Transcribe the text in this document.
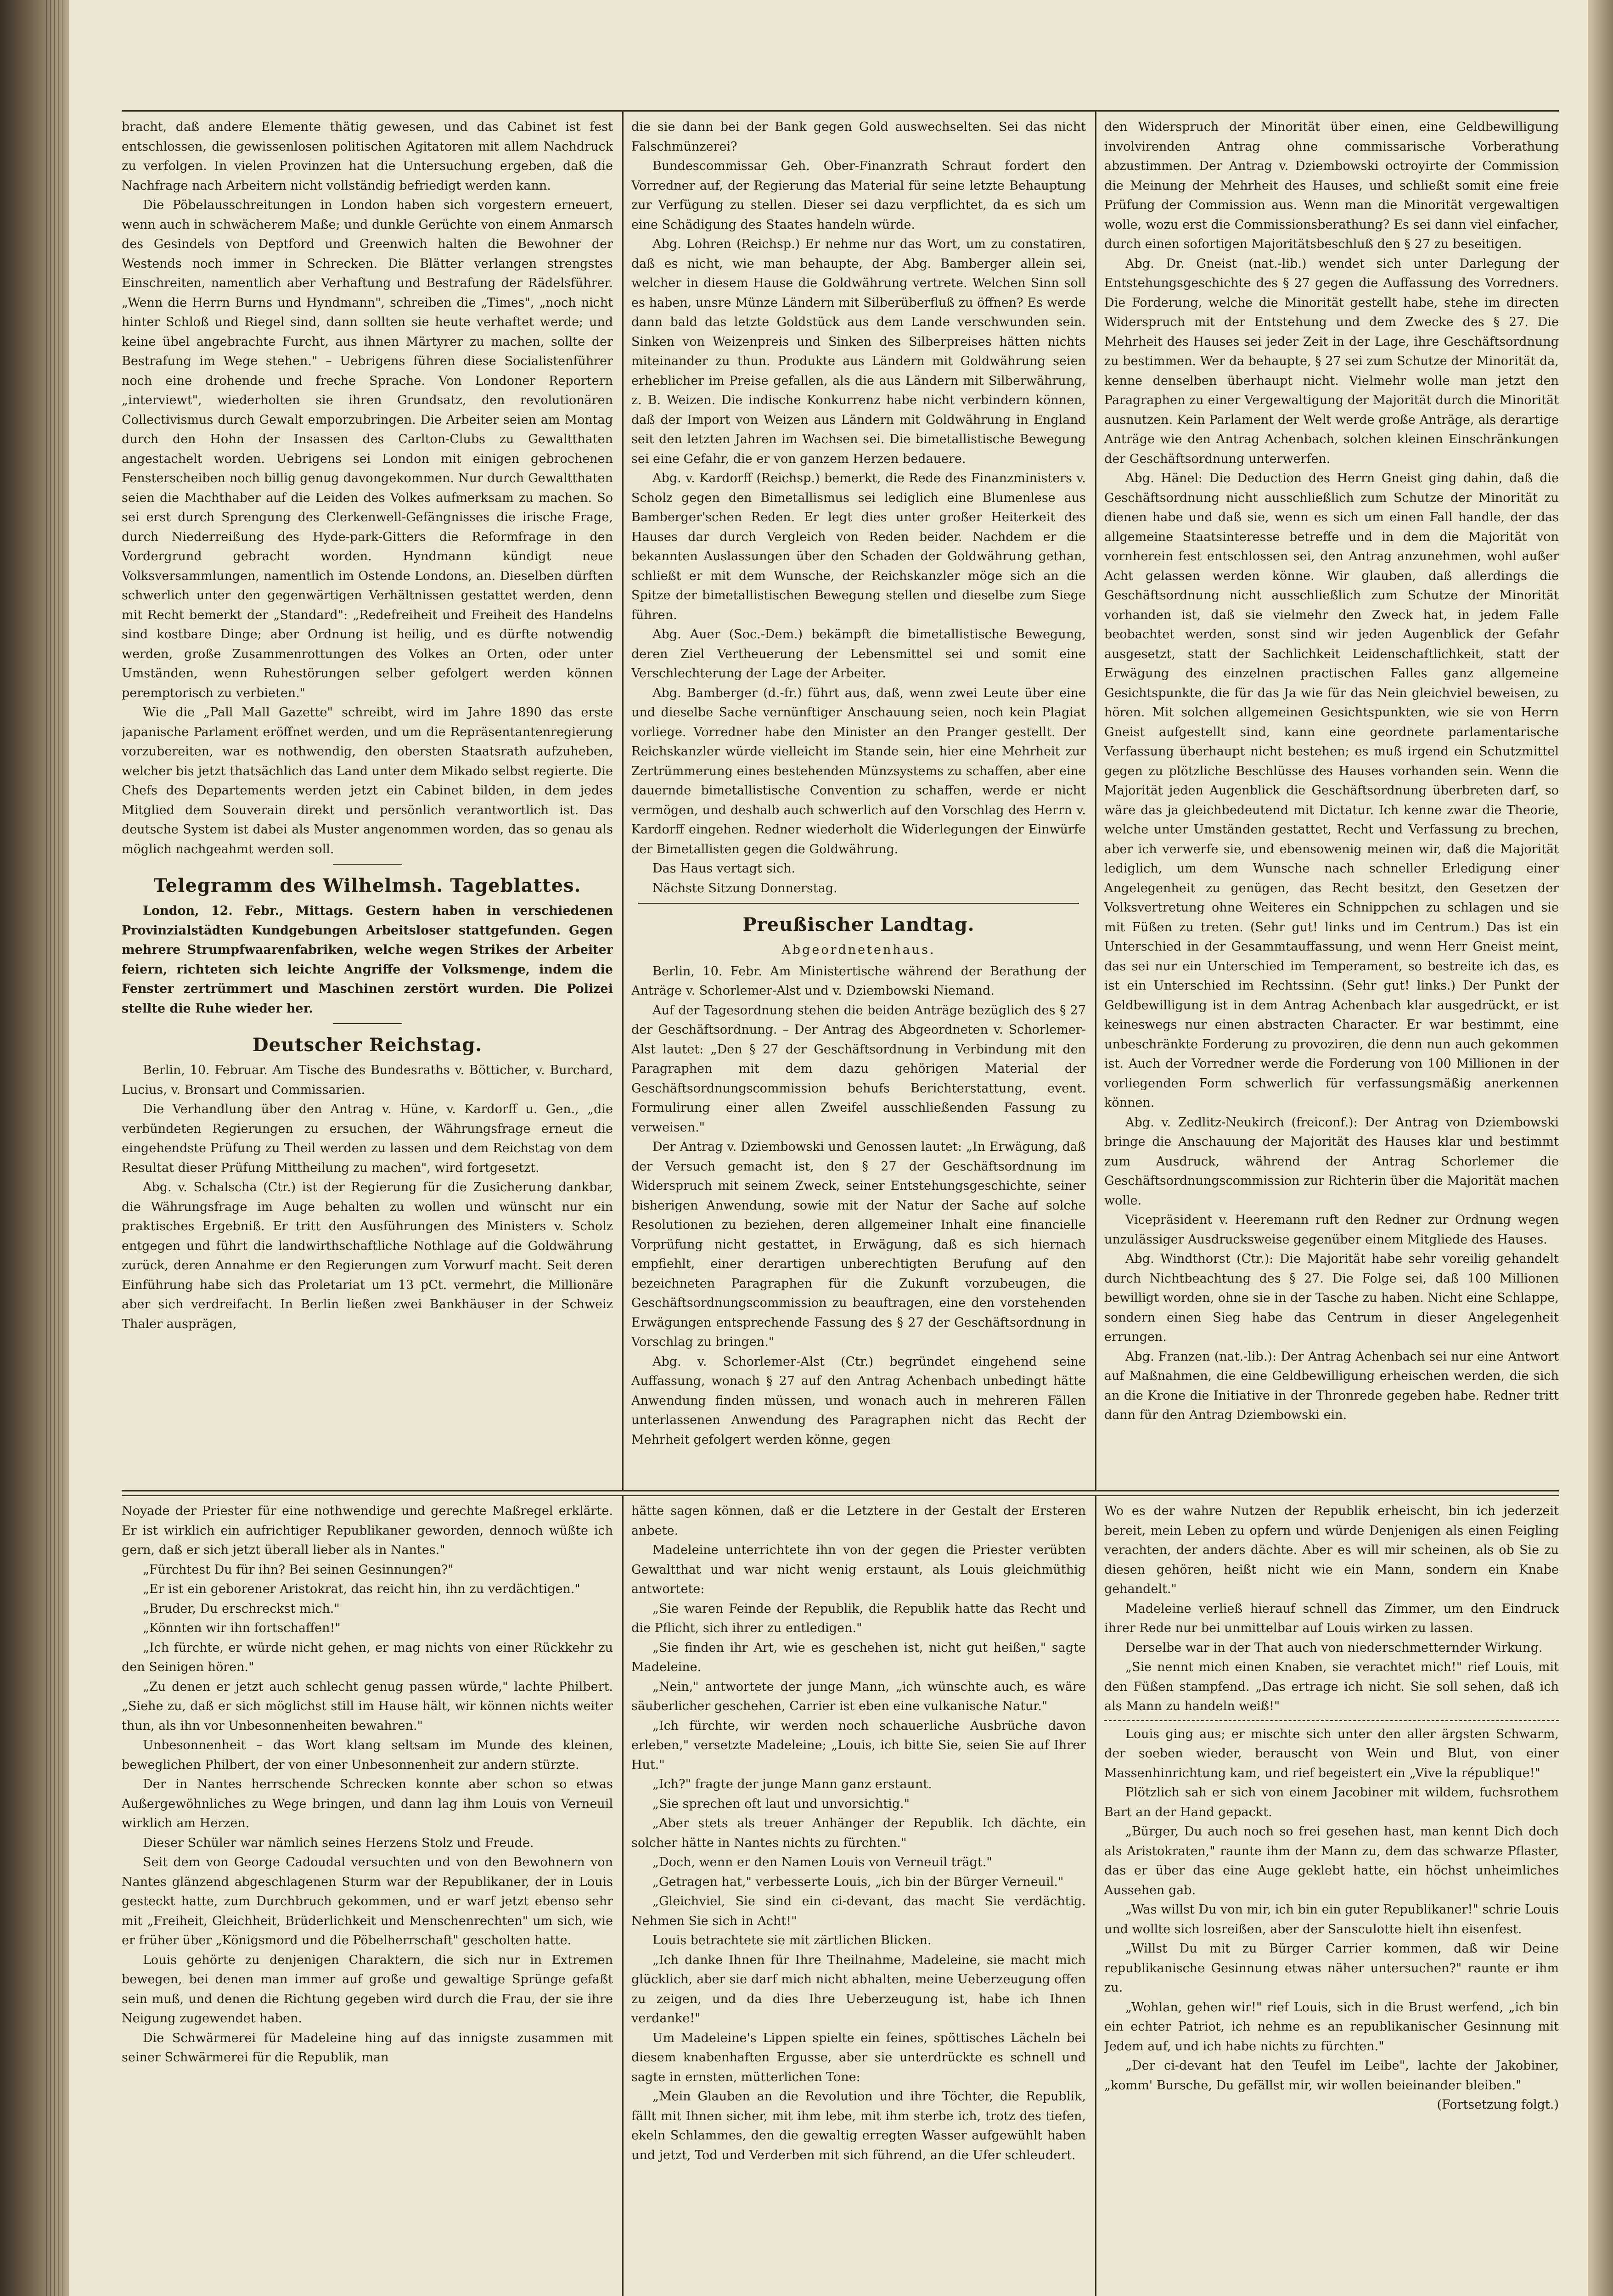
bracht, daß andere Elemente thätig gewesen, und das Cabinet ist fest entschlossen, die gewissenlosen politischen Agitatoren mit allem Nachdruck zu verfolgen. In vielen Provinzen hat die Untersuchung ergeben, daß die Nachfrage nach Arbeitern nicht vollständig befriedigt werden kann.

Die Pöbelausschreitungen in London haben sich vorgestern erneuert, wenn auch in schwächerem Maße; und dunkle Gerüchte von einem Anmarsch des Gesindels von Deptford und Greenwich halten die Bewohner der Westends noch immer in Schrecken. Die Blätter verlangen strengstes Einschreiten, namentlich aber Verhaftung und Bestrafung der Rädelsführer. „Wenn die Herrn Burns und Hyndmann", schreiben die „Times", „noch nicht hinter Schloß und Riegel sind, dann sollten sie heute verhaftet werde; und keine übel angebrachte Furcht, aus ihnen Märtyrer zu machen, sollte der Bestrafung im Wege stehen." – Uebrigens führen diese Socialistenführer noch eine drohende und freche Sprache. Von Londoner Reportern „interviewt", wiederholten sie ihren Grundsatz, den revolutionären Collectivismus durch Gewalt emporzubringen. Die Arbeiter seien am Montag durch den Hohn der Insassen des Carlton-Clubs zu Gewaltthaten angestachelt worden. Uebrigens sei London mit einigen gebrochenen Fensterscheiben noch billig genug davongekommen. Nur durch Gewaltthaten seien die Machthaber auf die Leiden des Volkes aufmerksam zu machen. So sei erst durch Sprengung des Clerkenwell-Gefängnisses die irische Frage, durch Niederreißung des Hyde-park-Gitters die Reformfrage in den Vordergrund gebracht worden. Hyndmann kündigt neue Volksversammlungen, namentlich im Ostende Londons, an. Dieselben dürften schwerlich unter den gegenwärtigen Verhältnissen gestattet werden, denn mit Recht bemerkt der „Standard": „Redefreiheit und Freiheit des Handelns sind kostbare Dinge; aber Ordnung ist heilig, und es dürfte notwendig werden, große Zusammenrottungen des Volkes an Orten, oder unter Umständen, wenn Ruhestörungen selber gefolgert werden können peremptorisch zu verbieten."

Wie die „Pall Mall Gazette" schreibt, wird im Jahre 1890 das erste japanische Parlament eröffnet werden, und um die Repräsentantenregierung vorzubereiten, war es nothwendig, den obersten Staatsrath aufzuheben, welcher bis jetzt thatsächlich das Land unter dem Mikado selbst regierte. Die Chefs des Departements werden jetzt ein Cabinet bilden, in dem jedes Mitglied dem Souverain direkt und persönlich verantwortlich ist. Das deutsche System ist dabei als Muster angenommen worden, das so genau als möglich nachgeahmt werden soll.

Telegramm des Wilhelmsh. Tageblattes.

London, 12. Febr., Mittags. Gestern haben in verschiedenen Provinzialstädten Kundgebungen Arbeitsloser stattgefunden. Gegen mehrere Strumpfwaarenfabriken, welche wegen Strikes der Arbeiter feiern, richteten sich leichte Angriffe der Volksmenge, indem die Fenster zertrümmert und Maschinen zerstört wurden. Die Polizei stellte die Ruhe wieder her.

Deutscher Reichstag.

Berlin, 10. Februar. Am Tische des Bundesraths v. Bötticher, v. Burchard, Lucius, v. Bronsart und Commissarien.

Die Verhandlung über den Antrag v. Hüne, v. Kardorff u. Gen., „die verbündeten Regierungen zu ersuchen, der Währungsfrage erneut die eingehendste Prüfung zu Theil werden zu lassen und dem Reichstag von dem Resultat dieser Prüfung Mittheilung zu machen", wird fortgesetzt.

Abg. v. Schalscha (Ctr.) ist der Regierung für die Zusicherung dankbar, die Währungsfrage im Auge behalten zu wollen und wünscht nur ein praktisches Ergebniß. Er tritt den Ausführungen des Ministers v. Scholz entgegen und führt die landwirthschaftliche Nothlage auf die Goldwährung zurück, deren Annahme er den Regierungen zum Vorwurf macht. Seit deren Einführung habe sich das Proletariat um 13 pCt. vermehrt, die Millionäre aber sich verdreifacht. In Berlin ließen zwei Bankhäuser in der Schweiz Thaler ausprägen,

die sie dann bei der Bank gegen Gold auswechselten. Sei das nicht Falschmünzerei?

Bundescommissar Geh. Ober-Finanzrath Schraut fordert den Vorredner auf, der Regierung das Material für seine letzte Behauptung zur Verfügung zu stellen. Dieser sei dazu verpflichtet, da es sich um eine Schädigung des Staates handeln würde.

Abg. Lohren (Reichsp.) Er nehme nur das Wort, um zu constatiren, daß es nicht, wie man behaupte, der Abg. Bamberger allein sei, welcher in diesem Hause die Goldwährung vertrete. Welchen Sinn soll es haben, unsre Münze Ländern mit Silberüberfluß zu öffnen? Es werde dann bald das letzte Goldstück aus dem Lande verschwunden sein. Sinken von Weizenpreis und Sinken des Silberpreises hätten nichts miteinander zu thun. Produkte aus Ländern mit Goldwährung seien erheblicher im Preise gefallen, als die aus Ländern mit Silberwährung, z. B. Weizen. Die indische Konkurrenz habe nicht verbindern können, daß der Import von Weizen aus Ländern mit Goldwährung in England seit den letzten Jahren im Wachsen sei. Die bimetallistische Bewegung sei eine Gefahr, die er von ganzem Herzen bedauere.

Abg. v. Kardorff (Reichsp.) bemerkt, die Rede des Finanzministers v. Scholz gegen den Bimetallismus sei lediglich eine Blumenlese aus Bamberger'schen Reden. Er legt dies unter großer Heiterkeit des Hauses dar durch Vergleich von Reden beider. Nachdem er die bekannten Auslassungen über den Schaden der Goldwährung gethan, schließt er mit dem Wunsche, der Reichskanzler möge sich an die Spitze der bimetallistischen Bewegung stellen und dieselbe zum Siege führen.

Abg. Auer (Soc.-Dem.) bekämpft die bimetallistische Bewegung, deren Ziel Vertheuerung der Lebensmittel sei und somit eine Verschlechterung der Lage der Arbeiter.

Abg. Bamberger (d.-fr.) führt aus, daß, wenn zwei Leute über eine und dieselbe Sache vernünftiger Anschauung seien, noch kein Plagiat vorliege. Vorredner habe den Minister an den Pranger gestellt. Der Reichskanzler würde vielleicht im Stande sein, hier eine Mehrheit zur Zertrümmerung eines bestehenden Münzsystems zu schaffen, aber eine dauernde bimetallistische Convention zu schaffen, werde er nicht vermögen, und deshalb auch schwerlich auf den Vorschlag des Herrn v. Kardorff eingehen. Redner wiederholt die Widerlegungen der Einwürfe der Bimetallisten gegen die Goldwährung.

Das Haus vertagt sich.

Nächste Sitzung Donnerstag.

Preußischer Landtag.
Abgeordnetenhaus.

Berlin, 10. Febr. Am Ministertische während der Berathung der Anträge v. Schorlemer-Alst und v. Dziembowski Niemand.

Auf der Tagesordnung stehen die beiden Anträge bezüglich des § 27 der Geschäftsordnung. – Der Antrag des Abgeordneten v. Schorlemer-Alst lautet: „Den § 27 der Geschäftsordnung in Verbindung mit den Paragraphen mit dem dazu gehörigen Material der Geschäftsordnungscommission behufs Berichterstattung, event. Formulirung einer allen Zweifel ausschließenden Fassung zu verweisen."

Der Antrag v. Dziembowski und Genossen lautet: „In Erwägung, daß der Versuch gemacht ist, den § 27 der Geschäftsordnung im Widerspruch mit seinem Zweck, seiner Entstehungsgeschichte, seiner bisherigen Anwendung, sowie mit der Natur der Sache auf solche Resolutionen zu beziehen, deren allgemeiner Inhalt eine financielle Vorprüfung nicht gestattet, in Erwägung, daß es sich hiernach empfiehlt, einer derartigen unberechtigten Berufung auf den bezeichneten Paragraphen für die Zukunft vorzubeugen, die Geschäftsordnungscommission zu beauftragen, eine den vorstehenden Erwägungen entsprechende Fassung des § 27 der Geschäftsordnung in Vorschlag zu bringen."

Abg. v. Schorlemer-Alst (Ctr.) begründet eingehend seine Auffassung, wonach § 27 auf den Antrag Achenbach unbedingt hätte Anwendung finden müssen, und wonach auch in mehreren Fällen unterlassenen Anwendung des Paragraphen nicht das Recht der Mehrheit gefolgert werden könne, gegen

den Widerspruch der Minorität über einen, eine Geldbewilligung involvirenden Antrag ohne commissarische Vorberathung abzustimmen. Der Antrag v. Dziembowski octroyirte der Commission die Meinung der Mehrheit des Hauses, und schließt somit eine freie Prüfung der Commission aus. Wenn man die Minorität vergewaltigen wolle, wozu erst die Commissionsberathung? Es sei dann viel einfacher, durch einen sofortigen Majoritätsbeschluß den § 27 zu beseitigen.

Abg. Dr. Gneist (nat.-lib.) wendet sich unter Darlegung der Entstehungsgeschichte des § 27 gegen die Auffassung des Vorredners. Die Forderung, welche die Minorität gestellt habe, stehe im directen Widerspruch mit der Entstehung und dem Zwecke des § 27. Die Mehrheit des Hauses sei jeder Zeit in der Lage, ihre Geschäftsordnung zu bestimmen. Wer da behaupte, § 27 sei zum Schutze der Minorität da, kenne denselben überhaupt nicht. Vielmehr wolle man jetzt den Paragraphen zu einer Vergewaltigung der Majorität durch die Minorität ausnutzen. Kein Parlament der Welt werde große Anträge, als derartige Anträge wie den Antrag Achenbach, solchen kleinen Einschränkungen der Geschäftsordnung unterwerfen.

Abg. Hänel: Die Deduction des Herrn Gneist ging dahin, daß die Geschäftsordnung nicht ausschließlich zum Schutze der Minorität zu dienen habe und daß sie, wenn es sich um einen Fall handle, der das allgemeine Staatsinteresse betreffe und in dem die Majorität von vornherein fest entschlossen sei, den Antrag anzunehmen, wohl außer Acht gelassen werden könne. Wir glauben, daß allerdings die Geschäftsordnung nicht ausschließlich zum Schutze der Minorität vorhanden ist, daß sie vielmehr den Zweck hat, in jedem Falle beobachtet werden, sonst sind wir jeden Augenblick der Gefahr ausgesetzt, statt der Sachlichkeit Leidenschaftlichkeit, statt der Erwägung des einzelnen practischen Falles ganz allgemeine Gesichtspunkte, die für das Ja wie für das Nein gleichviel beweisen, zu hören. Mit solchen allgemeinen Gesichtspunkten, wie sie von Herrn Gneist aufgestellt sind, kann eine geordnete parlamentarische Verfassung überhaupt nicht bestehen; es muß irgend ein Schutzmittel gegen zu plötzliche Beschlüsse des Hauses vorhanden sein. Wenn die Majorität jeden Augenblick die Geschäftsordnung überbreten darf, so wäre das ja gleichbedeutend mit Dictatur. Ich kenne zwar die Theorie, welche unter Umständen gestattet, Recht und Verfassung zu brechen, aber ich verwerfe sie, und ebensowenig meinen wir, daß die Majorität lediglich, um dem Wunsche nach schneller Erledigung einer Angelegenheit zu genügen, das Recht besitzt, den Gesetzen der Volksvertretung ohne Weiteres ein Schnippchen zu schlagen und sie mit Füßen zu treten. (Sehr gut! links und im Centrum.) Das ist ein Unterschied in der Gesammtauffassung, und wenn Herr Gneist meint, das sei nur ein Unterschied im Temperament, so bestreite ich das, es ist ein Unterschied im Rechtssinn. (Sehr gut! links.) Der Punkt der Geldbewilligung ist in dem Antrag Achenbach klar ausgedrückt, er ist keineswegs nur einen abstracten Character. Er war bestimmt, eine unbeschränkte Forderung zu provoziren, die denn nun auch gekommen ist. Auch der Vorredner werde die Forderung von 100 Millionen in der vorliegenden Form schwerlich für verfassungsmäßig anerkennen können.

Abg. v. Zedlitz-Neukirch (freiconf.): Der Antrag von Dziembowski bringe die Anschauung der Majorität des Hauses klar und bestimmt zum Ausdruck, während der Antrag Schorlemer die Geschäftsordnungscommission zur Richterin über die Majorität machen wolle.

Vicepräsident v. Heeremann ruft den Redner zur Ordnung wegen unzulässiger Ausdrucksweise gegenüber einem Mitgliede des Hauses.

Abg. Windthorst (Ctr.): Die Majorität habe sehr voreilig gehandelt durch Nichtbeachtung des § 27. Die Folge sei, daß 100 Millionen bewilligt worden, ohne sie in der Tasche zu haben. Nicht eine Schlappe, sondern einen Sieg habe das Centrum in dieser Angelegenheit errungen.

Abg. Franzen (nat.-lib.): Der Antrag Achenbach sei nur eine Antwort auf Maßnahmen, die eine Geldbewilligung erheischen werden, die sich an die Krone die Initiative in der Thronrede gegeben habe. Redner tritt dann für den Antrag Dziembowski ein.

Noyade der Priester für eine nothwendige und gerechte Maßregel erklärte. Er ist wirklich ein aufrichtiger Republikaner geworden, dennoch wüßte ich gern, daß er sich jetzt überall lieber als in Nantes."

„Fürchtest Du für ihn? Bei seinen Gesinnungen?"

„Er ist ein geborener Aristokrat, das reicht hin, ihn zu verdächtigen."

„Bruder, Du erschreckst mich."

„Könnten wir ihn fortschaffen!"

„Ich fürchte, er würde nicht gehen, er mag nichts von einer Rückkehr zu den Seinigen hören."

„Zu denen er jetzt auch schlecht genug passen würde," lachte Philbert. „Siehe zu, daß er sich möglichst still im Hause hält, wir können nichts weiter thun, als ihn vor Unbesonnenheiten bewahren."

Unbesonnenheit – das Wort klang seltsam im Munde des kleinen, beweglichen Philbert, der von einer Unbesonnenheit zur andern stürzte.

Der in Nantes herrschende Schrecken konnte aber schon so etwas Außergewöhnliches zu Wege bringen, und dann lag ihm Louis von Verneuil wirklich am Herzen.

Dieser Schüler war nämlich seines Herzens Stolz und Freude.

Seit dem von George Cadoudal versuchten und von den Bewohnern von Nantes glänzend abgeschlagenen Sturm war der Republikaner, der in Louis gesteckt hatte, zum Durchbruch gekommen, und er warf jetzt ebenso sehr mit „Freiheit, Gleichheit, Brüderlichkeit und Menschenrechten" um sich, wie er früher über „Königsmord und die Pöbelherrschaft" gescholten hatte.

Louis gehörte zu denjenigen Charaktern, die sich nur in Extremen bewegen, bei denen man immer auf große und gewaltige Sprünge gefaßt sein muß, und denen die Richtung gegeben wird durch die Frau, der sie ihre Neigung zugewendet haben.

Die Schwärmerei für Madeleine hing auf das innigste zusammen mit seiner Schwärmerei für die Republik, man

hätte sagen können, daß er die Letztere in der Gestalt der Ersteren anbete.

Madeleine unterrichtete ihn von der gegen die Priester verübten Gewaltthat und war nicht wenig erstaunt, als Louis gleichmüthig antwortete:

„Sie waren Feinde der Republik, die Republik hatte das Recht und die Pflicht, sich ihrer zu entledigen."

„Sie finden ihr Art, wie es geschehen ist, nicht gut heißen," sagte Madeleine.

„Nein," antwortete der junge Mann, „ich wünschte auch, es wäre säuberlicher geschehen, Carrier ist eben eine vulkanische Natur."

„Ich fürchte, wir werden noch schauerliche Ausbrüche davon erleben," versetzte Madeleine; „Louis, ich bitte Sie, seien Sie auf Ihrer Hut."

„Ich?" fragte der junge Mann ganz erstaunt.

„Sie sprechen oft laut und unvorsichtig."

„Aber stets als treuer Anhänger der Republik. Ich dächte, ein solcher hätte in Nantes nichts zu fürchten."

„Doch, wenn er den Namen Louis von Verneuil trägt."

„Getragen hat," verbesserte Louis, „ich bin der Bürger Verneuil."

„Gleichviel, Sie sind ein ci-devant, das macht Sie verdächtig. Nehmen Sie sich in Acht!"

Louis betrachtete sie mit zärtlichen Blicken.

„Ich danke Ihnen für Ihre Theilnahme, Madeleine, sie macht mich glücklich, aber sie darf mich nicht abhalten, meine Ueberzeugung offen zu zeigen, und da dies Ihre Ueberzeugung ist, habe ich Ihnen verdanke!"

Um Madeleine's Lippen spielte ein feines, spöttisches Lächeln bei diesem knabenhaften Ergusse, aber sie unterdrückte es schnell und sagte in ernsten, mütterlichen Tone:

„Mein Glauben an die Revolution und ihre Töchter, die Republik, fällt mit Ihnen sicher, mit ihm lebe, mit ihm sterbe ich, trotz des tiefen, ekeln Schlammes, den die gewaltig erregten Wasser aufgewühlt haben und jetzt, Tod und Verderben mit sich führend, an die Ufer schleudert.

Wo es der wahre Nutzen der Republik erheischt, bin ich jederzeit bereit, mein Leben zu opfern und würde Denjenigen als einen Feigling verachten, der anders dächte. Aber es will mir scheinen, als ob Sie zu diesen gehören, heißt nicht wie ein Mann, sondern ein Knabe gehandelt."

Madeleine verließ hierauf schnell das Zimmer, um den Eindruck ihrer Rede nur bei unmittelbar auf Louis wirken zu lassen.

Derselbe war in der That auch von niederschmetternder Wirkung.

„Sie nennt mich einen Knaben, sie verachtet mich!" rief Louis, mit den Füßen stampfend. „Das ertrage ich nicht. Sie soll sehen, daß ich als Mann zu handeln weiß!"

Louis ging aus; er mischte sich unter den aller ärgsten Schwarm, der soeben wieder, berauscht von Wein und Blut, von einer Massenhinrichtung kam, und rief begeistert ein „Vive la république!"

Plötzlich sah er sich von einem Jacobiner mit wildem, fuchsrothem Bart an der Hand gepackt.

„Bürger, Du auch noch so frei gesehen hast, man kennt Dich doch als Aristokraten," raunte ihm der Mann zu, dem das schwarze Pflaster, das er über das eine Auge geklebt hatte, ein höchst unheimliches Aussehen gab.

„Was willst Du von mir, ich bin ein guter Republikaner!" schrie Louis und wollte sich losreißen, aber der Sansculotte hielt ihn eisenfest.

„Willst Du mit zu Bürger Carrier kommen, daß wir Deine republikanische Gesinnung etwas näher untersuchen?" raunte er ihm zu.

„Wohlan, gehen wir!" rief Louis, sich in die Brust werfend, „ich bin ein echter Patriot, ich nehme es an republikanischer Gesinnung mit Jedem auf, und ich habe nichts zu fürchten."

„Der ci-devant hat den Teufel im Leibe", lachte der Jakobiner, „komm' Bursche, Du gefällst mir, wir wollen beieinander bleiben."

(Fortsetzung folgt.)
